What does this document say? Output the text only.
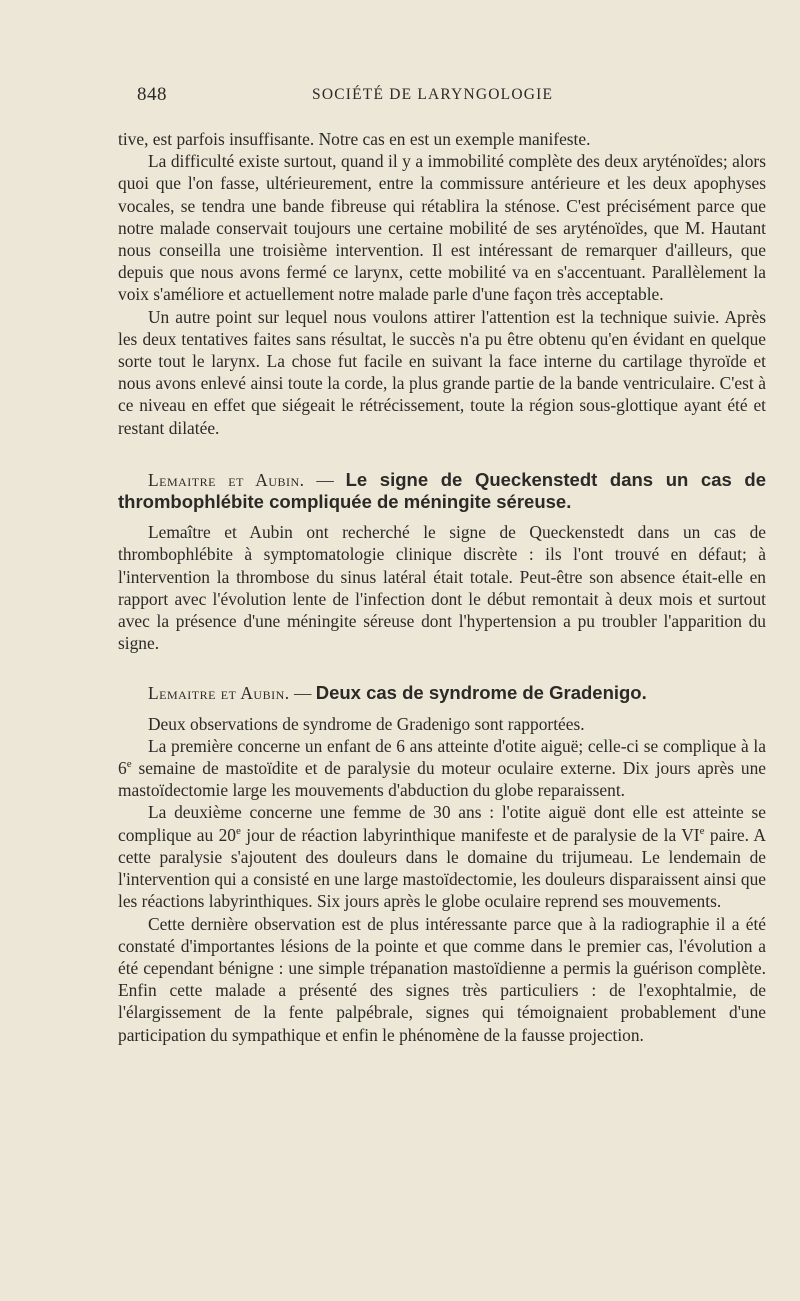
848	SOCIÉTÉ DE LARYNGOLOGIE

tive, est parfois insuffisante. Notre cas en est un exemple manifeste.

La difficulté existe surtout, quand il y a immobilité complète des deux aryténoïdes; alors quoi que l'on fasse, ultérieurement, entre la commissure antérieure et les deux apophyses vocales, se tendra une bande fibreuse qui rétablira la sténose. C'est précisément parce que notre malade conservait toujours une certaine mobilité de ses aryténoïdes, que M. Hautant nous conseilla une troisième intervention. Il est intéressant de remarquer d'ailleurs, que depuis que nous avons fermé ce larynx, cette mobilité va en s'accentuant. Parallèlement la voix s'améliore et actuellement notre malade parle d'une façon très acceptable.

Un autre point sur lequel nous voulons attirer l'attention est la technique suivie. Après les deux tentatives faites sans résultat, le succès n'a pu être obtenu qu'en évidant en quelque sorte tout le larynx. La chose fut facile en suivant la face interne du cartilage thyroïde et nous avons enlevé ainsi toute la corde, la plus grande partie de la bande ventriculaire. C'est à ce niveau en effet que siégeait le rétrécissement, toute la région sous-glottique ayant été et restant dilatée.

Lemaitre et Aubin. — Le signe de Queckenstedt dans un cas de thrombophlébite compliquée de méningite séreuse.

Lemaître et Aubin ont recherché le signe de Queckenstedt dans un cas de thrombophlébite à symptomatologie clinique discrète : ils l'ont trouvé en défaut; à l'intervention la thrombose du sinus latéral était totale. Peut-être son absence était-elle en rapport avec l'évolution lente de l'infection dont le début remontait à deux mois et surtout avec la présence d'une méningite séreuse dont l'hypertension a pu troubler l'apparition du signe.

Lemaitre et Aubin. — Deux cas de syndrome de Gradenigo.

Deux observations de syndrome de Gradenigo sont rapportées.

La première concerne un enfant de 6 ans atteinte d'otite aiguë; celle-ci se complique à la 6e semaine de mastoïdite et de paralysie du moteur oculaire externe. Dix jours après une mastoïdectomie large les mouvements d'abduction du globe reparaissent.

La deuxième concerne une femme de 30 ans : l'otite aiguë dont elle est atteinte se complique au 20e jour de réaction labyrinthique manifeste et de paralysie de la VIe paire. A cette paralysie s'ajoutent des douleurs dans le domaine du trijumeau. Le lendemain de l'intervention qui a consisté en une large mastoïdectomie, les douleurs disparaissent ainsi que les réactions labyrinthiques. Six jours après le globe oculaire reprend ses mouvements.

Cette dernière observation est de plus intéressante parce que à la radiographie il a été constaté d'importantes lésions de la pointe et que comme dans le premier cas, l'évolution a été cependant bénigne : une simple trépanation mastoïdienne a permis la guérison complète. Enfin cette malade a présenté des signes très particuliers : de l'exophtalmie, de l'élargissement de la fente palpébrale, signes qui témoignaient probablement d'une participation du sympathique et enfin le phénomène de la fausse projection.
